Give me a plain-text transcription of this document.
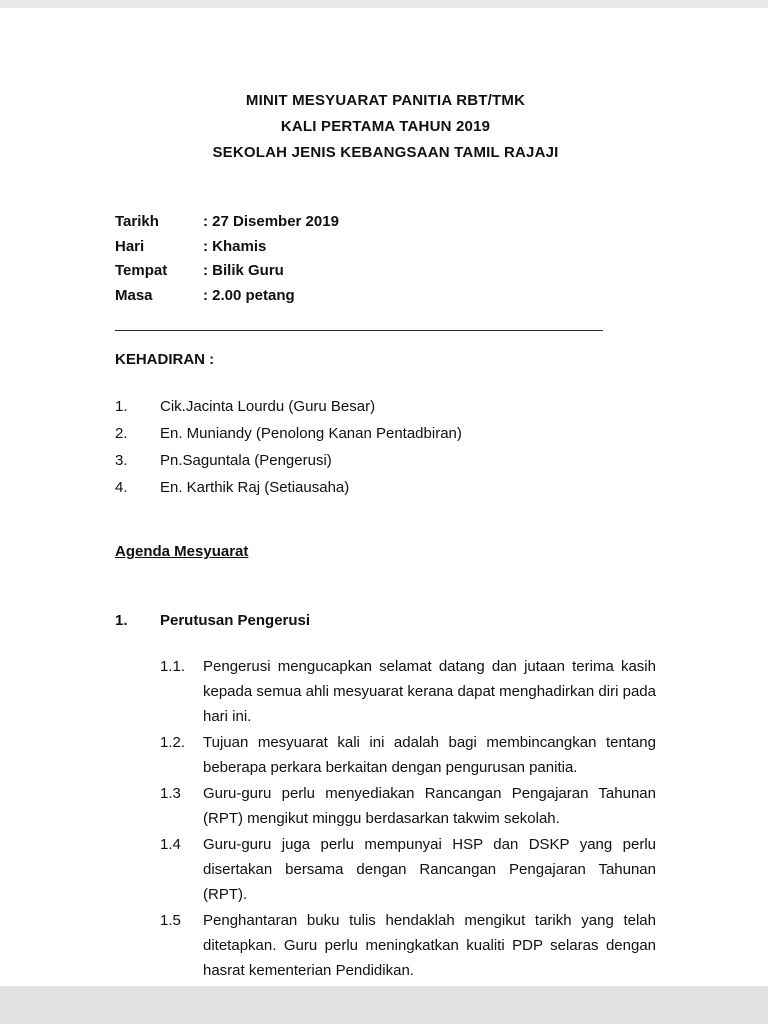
MINIT MESYUARAT PANITIA RBT/TMK
KALI PERTAMA TAHUN 2019
SEKOLAH JENIS KEBANGSAAN TAMIL RAJAJI
Tarikh	: 27 Disember 2019
Hari	: Khamis
Tempat	: Bilik Guru
Masa	: 2.00 petang
KEHADIRAN :
1.	Cik.Jacinta Lourdu (Guru Besar)
2.	En. Muniandy (Penolong Kanan Pentadbiran)
3.	Pn.Saguntala (Pengerusi)
4.	En. Karthik Raj (Setiausaha)
Agenda Mesyuarat
1.	Perutusan Pengerusi
1.1.	Pengerusi mengucapkan selamat datang dan jutaan terima kasih kepada semua ahli mesyuarat kerana dapat menghadirkan diri pada hari ini.
1.2.	Tujuan mesyuarat kali ini adalah bagi membincangkan tentang beberapa perkara berkaitan dengan pengurusan panitia.
1.3	Guru-guru perlu menyediakan Rancangan Pengajaran Tahunan (RPT) mengikut minggu berdasarkan takwim sekolah.
1.4	Guru-guru juga perlu mempunyai HSP dan DSKP yang perlu disertakan bersama dengan Rancangan Pengajaran Tahunan (RPT).
1.5	Penghantaran buku tulis hendaklah mengikut tarikh yang telah ditetapkan. Guru perlu meningkatkan kualiti PDP selaras dengan hasrat kementerian Pendidikan.
